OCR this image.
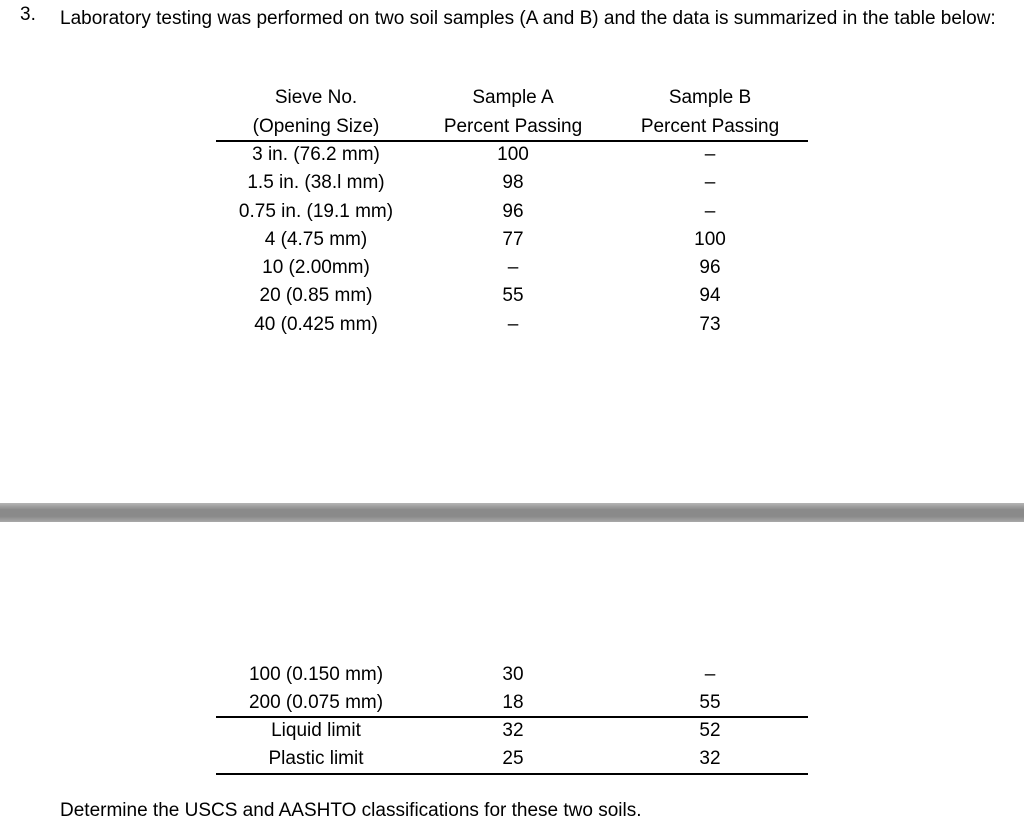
3. Laboratory testing was performed on two soil samples (A and B) and the data is summarized in the table below:
Sieve No.	Sample A	Sample B
(Opening Size)	Percent Passing	Percent Passing
3 in. (76.2 mm)	100	–
1.5 in. (38.l mm)	98	–
0.75 in. (19.1 mm)	96	–
4 (4.75 mm)	77	100
10 (2.00mm)	–	96
20 (0.85 mm)	55	94
40 (0.425 mm)	–	73
100 (0.150 mm)	30	–
200 (0.075 mm)	18	55
Liquid limit	32	52
Plastic limit	25	32
Determine the USCS and AASHTO classifications for these two soils.
